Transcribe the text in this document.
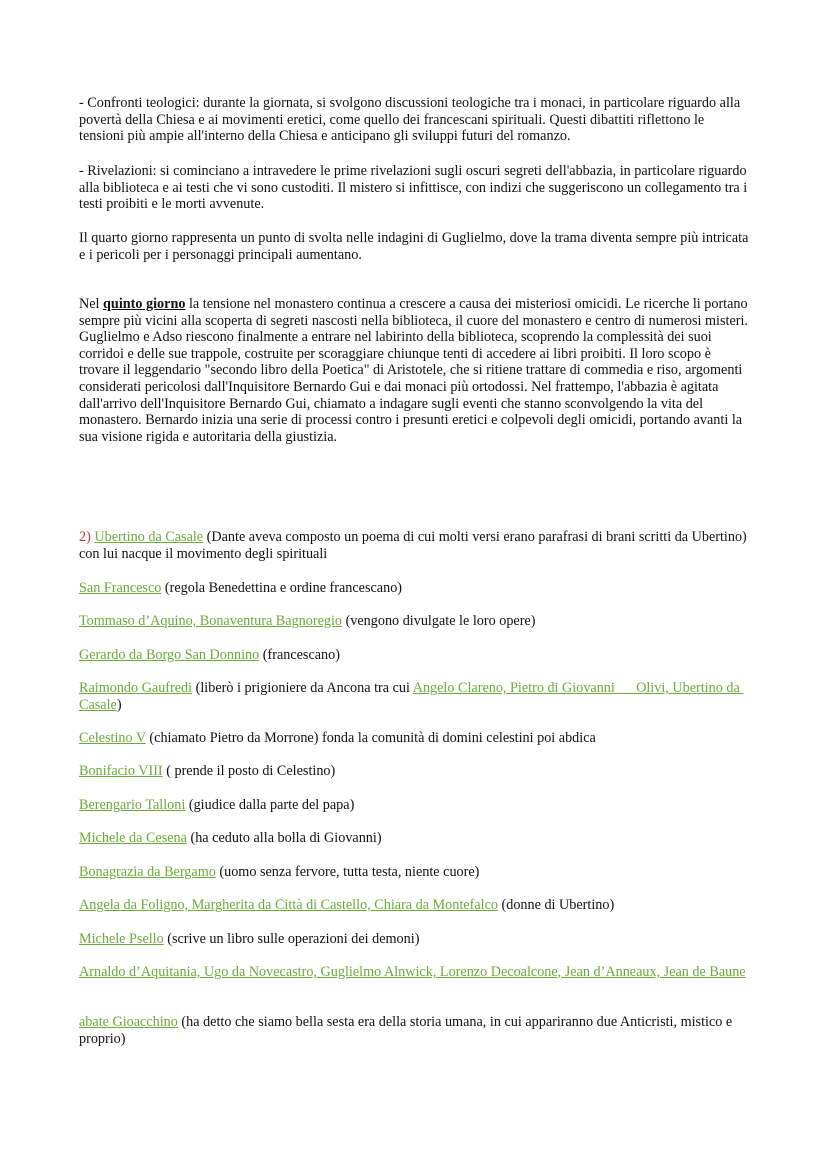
- Confronti teologici: durante la giornata, si svolgono discussioni teologiche tra i monaci, in particolare riguardo alla povertà della Chiesa e ai movimenti eretici, come quello dei francescani spirituali. Questi dibattiti riflettono le tensioni più ampie all'interno della Chiesa e anticipano gli sviluppi futuri del romanzo.

- Rivelazioni: si cominciano a intravedere le prime rivelazioni sugli oscuri segreti dell'abbazia, in particolare riguardo alla biblioteca e ai testi che vi sono custoditi. Il mistero si infittisce, con indizi che suggeriscono un collegamento tra i testi proibiti e le morti avvenute.

Il quarto giorno rappresenta un punto di svolta nelle indagini di Guglielmo, dove la trama diventa sempre più intricata e i pericoli per i personaggi principali aumentano.

Nel quinto giorno la tensione nel monastero continua a crescere a causa dei misteriosi omicidi. Le ricerche li portano sempre più vicini alla scoperta di segreti nascosti nella biblioteca, il cuore del monastero e centro di numerosi misteri. Guglielmo e Adso riescono finalmente a entrare nel labirinto della biblioteca, scoprendo la complessità dei suoi corridoi e delle sue trappole, costruite per scoraggiare chiunque tenti di accedere ai libri proibiti. Il loro scopo è trovare il leggendario "secondo libro della Poetica" di Aristotele, che si ritiene trattare di commedia e riso, argomenti considerati pericolosi dall'Inquisitore Bernardo Gui e dai monaci più ortodossi. Nel frattempo, l'abbazia è agitata dall'arrivo dell'Inquisitore Bernardo Gui, chiamato a indagare sugli eventi che stanno sconvolgendo la vita del monastero. Bernardo inizia una serie di processi contro i presunti eretici e colpevoli degli omicidi, portando avanti la sua visione rigida e autoritaria della giustizia.

2) Ubertino da Casale (Dante aveva composto un poema di cui molti versi erano parafrasi di brani scritti da Ubertino) con lui nacque il movimento degli spirituali

San Francesco (regola Benedettina e ordine francescano)

Tommaso d’Aquino, Bonaventura Bagnoregio (vengono divulgate le loro opere)

Gerardo da Borgo San Donnino (francescano)

Raimondo Gaufredi (liberò i prigioniere da Ancona tra cui Angelo Clareno, Pietro di Giovanni      Olivi, Ubertino da Casale)

Celestino V (chiamato Pietro da Morrone) fonda la comunità di domini celestini poi abdica

Bonifacio VIII ( prende il posto di Celestino)

Berengario Talloni (giudice dalla parte del papa)

Michele da Cesena (ha ceduto alla bolla di Giovanni)

Bonagrazia da Bergamo (uomo senza fervore, tutta testa, niente cuore)

Angela da Foligno, Margherita da Città di Castello, Chiara da Montefalco (donne di Ubertino)

Michele Psello (scrive un libro sulle operazioni dei demoni)

Arnaldo d’Aquitania, Ugo da Novecastro, Guglielmo Alnwick, Lorenzo Decoalcone, Jean d’Anneaux, Jean de Baune

abate Gioacchino (ha detto che siamo bella sesta era della storia umana, in cui appariranno due Anticristi, mistico e proprio)
